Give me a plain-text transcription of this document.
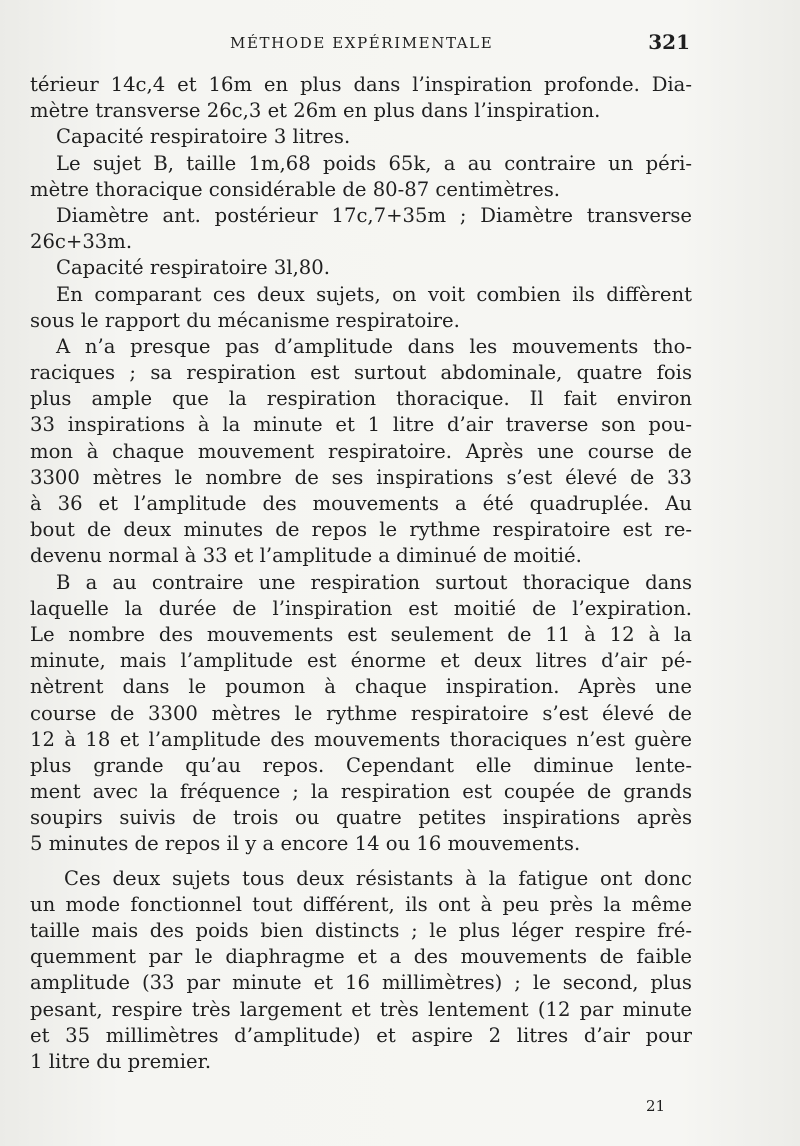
MÉTHODE EXPÉRIMENTALE	321
térieur 14c,4 et 16m en plus dans l’inspiration profonde. Dia-
mètre transverse 26c,3 et 26m en plus dans l’inspiration.
Capacité respiratoire 3 litres.
Le sujet B, taille 1m,68 poids 65k, a au contraire un péri-
mètre thoracique considérable de 80-87 centimètres.
Diamètre ant. postérieur 17c,7+35m ; Diamètre transverse
26c+33m.
Capacité respiratoire 3l,80.
En comparant ces deux sujets, on voit combien ils diffèrent
sous le rapport du mécanisme respiratoire.
A n’a presque pas d’amplitude dans les mouvements tho-
raciques ; sa respiration est surtout abdominale, quatre fois
plus ample que la respiration thoracique. Il fait environ
33 inspirations à la minute et 1 litre d’air traverse son pou-
mon à chaque mouvement respiratoire. Après une course de
3300 mètres le nombre de ses inspirations s’est élevé de 33
à 36 et l’amplitude des mouvements a été quadruplée. Au
bout de deux minutes de repos le rythme respiratoire est re-
devenu normal à 33 et l’amplitude a diminué de moitié.
B a au contraire une respiration surtout thoracique dans
laquelle la durée de l’inspiration est moitié de l’expiration.
Le nombre des mouvements est seulement de 11 à 12 à la
minute, mais l’amplitude est énorme et deux litres d’air pé-
nètrent dans le poumon à chaque inspiration. Après une
course de 3300 mètres le rythme respiratoire s’est élevé de
12 à 18 et l’amplitude des mouvements thoraciques n’est guère
plus grande qu’au repos. Cependant elle diminue lente-
ment avec la fréquence ; la respiration est coupée de grands
soupirs suivis de trois ou quatre petites inspirations après
5 minutes de repos il y a encore 14 ou 16 mouvements.
Ces deux sujets tous deux résistants à la fatigue ont donc
un mode fonctionnel tout différent, ils ont à peu près la même
taille mais des poids bien distincts ; le plus léger respire fré-
quemment par le diaphragme et a des mouvements de faible
amplitude (33 par minute et 16 millimètres) ; le second, plus
pesant, respire très largement et très lentement (12 par minute
et 35 millimètres d’amplitude) et aspire 2 litres d’air pour
1 litre du premier.
21
